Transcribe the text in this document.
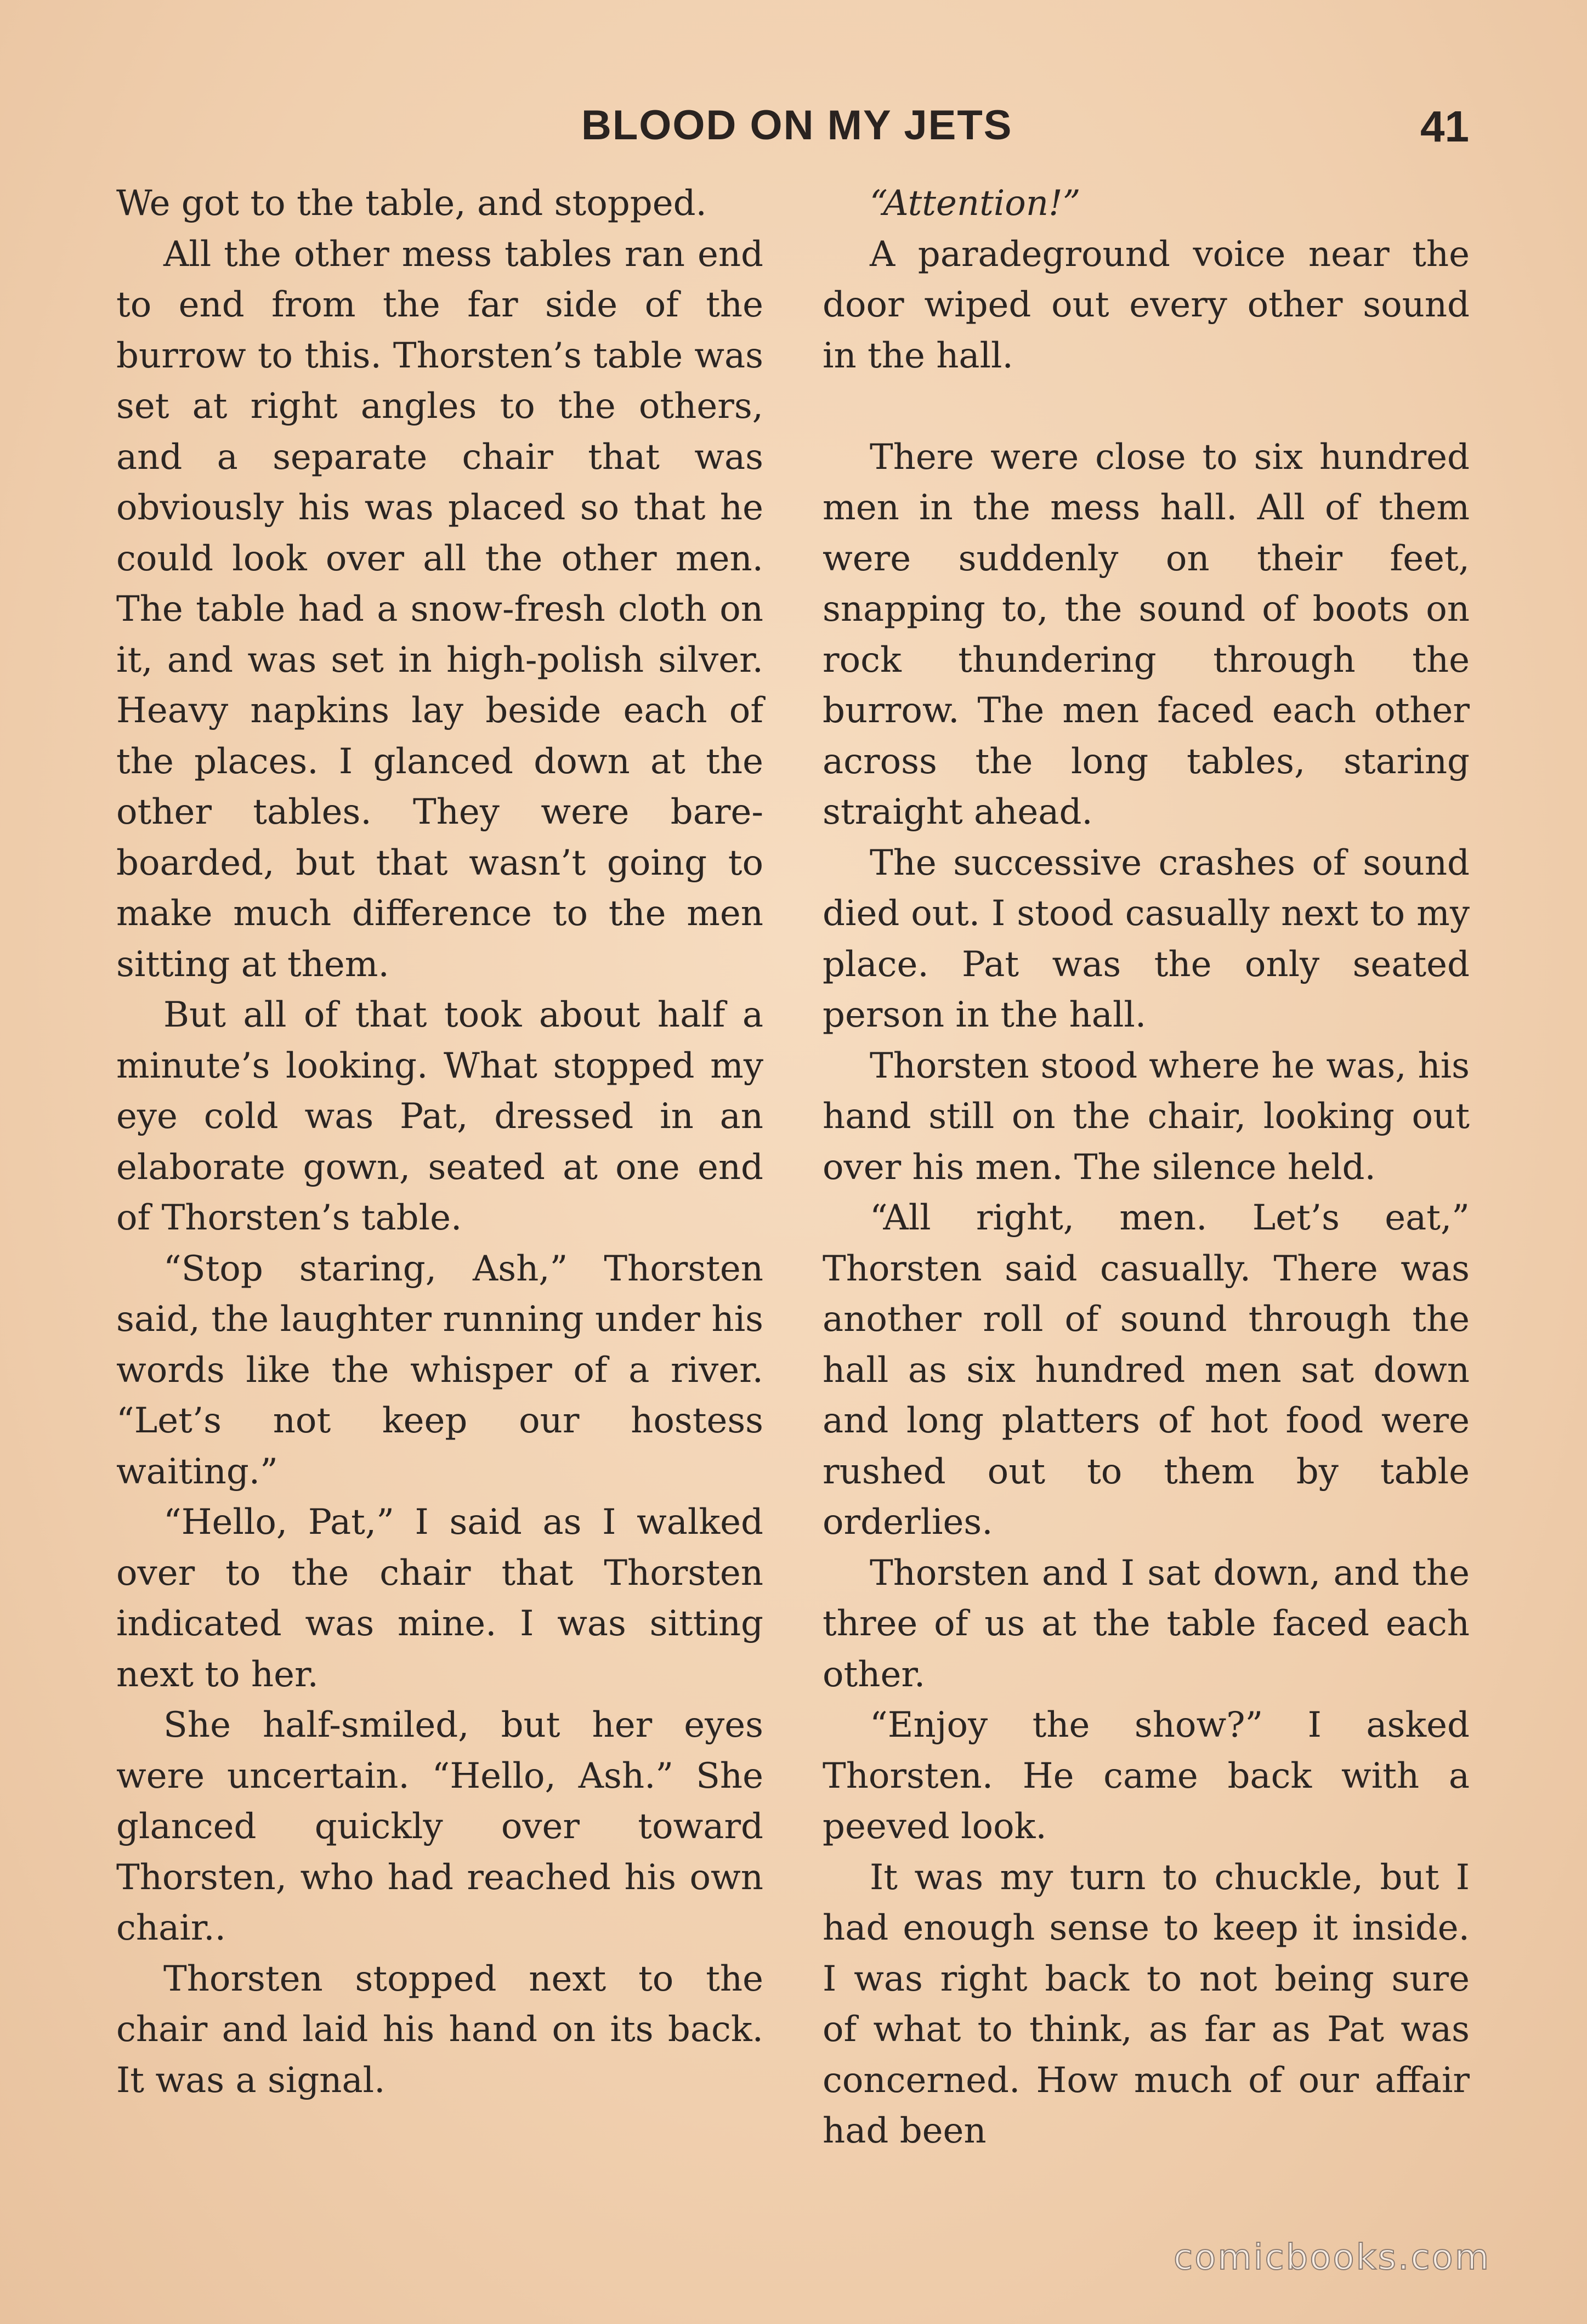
BLOOD ON MY JETS	41

We got to the table, and stopped.

All the other mess tables ran end to end from the far side of the burrow to this. Thorsten’s table was set at right angles to the others, and a separate chair that was obviously his was placed so that he could look over all the other men. The table had a snow-fresh cloth on it, and was set in high-polish silver. Heavy napkins lay beside each of the places. I glanced down at the other tables. They were bare-boarded, but that wasn’t going to make much difference to the men sitting at them.

But all of that took about half a minute’s looking. What stopped my eye cold was Pat, dressed in an elaborate gown, seated at one end of Thorsten’s table.

“Stop staring, Ash,” Thorsten said, the laughter running under his words like the whisper of a river. “Let’s not keep our hostess waiting.”

“Hello, Pat,” I said as I walked over to the chair that Thorsten indicated was mine. I was sitting next to her.

She half-smiled, but her eyes were uncertain. “Hello, Ash.” She glanced quickly over toward Thorsten, who had reached his own chair..

Thorsten stopped next to the chair and laid his hand on its back. It was a signal.

“Attention!”

A paradeground voice near the door wiped out every other sound in the hall.

There were close to six hundred men in the mess hall. All of them were suddenly on their feet, snapping to, the sound of boots on rock thundering through the burrow. The men faced each other across the long tables, staring straight ahead.

The successive crashes of sound died out. I stood casually next to my place. Pat was the only seated person in the hall.

Thorsten stood where he was, his hand still on the chair, looking out over his men. The silence held.

“All right, men. Let’s eat,” Thorsten said casually. There was another roll of sound through the hall as six hundred men sat down and long platters of hot food were rushed out to them by table orderlies.

Thorsten and I sat down, and the three of us at the table faced each other.

“Enjoy the show?” I asked Thorsten. He came back with a peeved look.

It was my turn to chuckle, but I had enough sense to keep it inside. I was right back to not being sure of what to think, as far as Pat was concerned. How much of our affair had been

comicbooks.com
